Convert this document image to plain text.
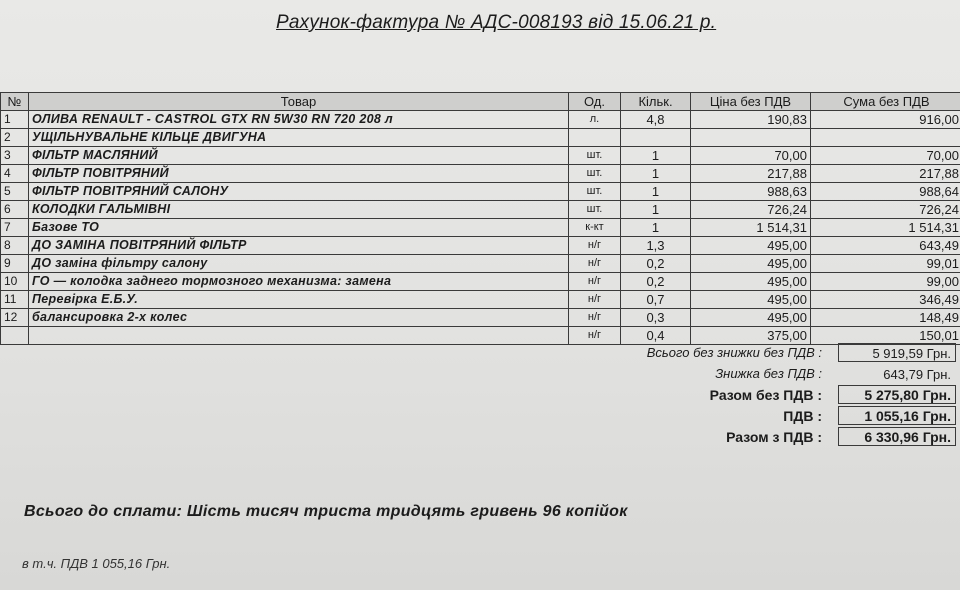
Рахунок-фактура № АДС-008193 від 15.06.21 р.
№	Товар	Од.	Кільк.	Ціна без ПДВ	Сума без ПДВ
1	ОЛИВА RENAULT - CASTROL GTX RN 5W30 RN 720 208 л	л.	4,8	190,83	916,00
2	УЩІЛЬНУВАЛЬНЕ КІЛЬЦЕ ДВИГУНА				
3	ФІЛЬТР МАСЛЯНИЙ	шт.	1	70,00	70,00
4	ФІЛЬТР ПОВІТРЯНИЙ	шт.	1	217,88	217,88
5	ФІЛЬТР ПОВІТРЯНИЙ САЛОНУ	шт.	1	988,63	988,64
6	КОЛОДКИ ГАЛЬМІВНІ	шт.	1	726,24	726,24
7	Базове ТО	к-кт	1	1 514,31	1 514,31
8	ДО ЗАМІНА ПОВІТРЯНИЙ ФІЛЬТР	н/г	1,3	495,00	643,49
9	ДО заміна фільтру салону	н/г	0,2	495,00	99,01
10	ГО — колодка заднего тормозного механизма: замена	н/г	0,2	495,00	99,00
11	Перевірка Е.Б.У.	н/г	0,7	495,00	346,49
12	балансировка 2-х колес	н/г	0,3	495,00	148,49
		н/г	0,4	375,00	150,01
Всього без знижки без ПДВ :	5 919,59 Грн.
Знижка без ПДВ :	643,79 Грн.
Разом без ПДВ :	5 275,80 Грн.
ПДВ :	1 055,16 Грн.
Разом з ПДВ :	6 330,96 Грн.
Всього до сплати: Шість тисяч триста тридцять гривень 96 копійок
в т.ч. ПДВ 1 055,16 Грн.
